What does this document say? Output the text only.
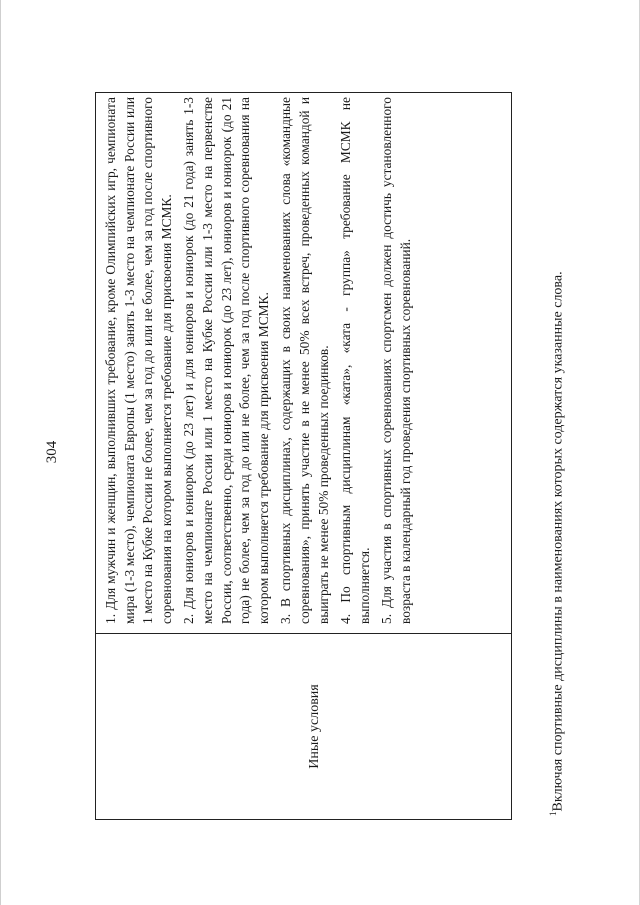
304
Иные условия

1. Для мужчин и женщин, выполнивших требование, кроме Олимпийских игр, чемпионата мира (1-3 место), чемпионата Европы (1 место) занять 1-3 место на чемпионате России или 1 место на Кубке России не более, чем за год до или не более, чем за год после спортивного соревнования на котором выполняется требование для присвоения МСМК. 2. Для юниоров и юниорок (до 23 лет) и для юниоров и юниорок (до 21 года) занять 1-3 место на чемпионате России или 1 место на Кубке России или 1-3 место на первенстве России, соответственно, среди юниоров и юниорок (до 23 лет), юниоров и юниорок (до 21 года) не более, чем за год до или не более, чем за год после спортивного соревнования на котором выполняется требование для присвоения МСМК. 3. В спортивных дисциплинах, содержащих в своих наименованиях слова «командные соревнования», принять участие в не менее 50% всех встреч, проведенных командой и выиграть не менее 50% проведенных поединков. 4. По спортивным дисциплинам «ката», «ката - группа» требование МСМК не выполняется. 5. Для участия в спортивных соревнованиях спортсмен должен достичь установленного возраста в календарный год проведения спортивных соревнований.

$^1$Включая спортивные дисциплины в наименованиях которых содержатся указанные слова.
